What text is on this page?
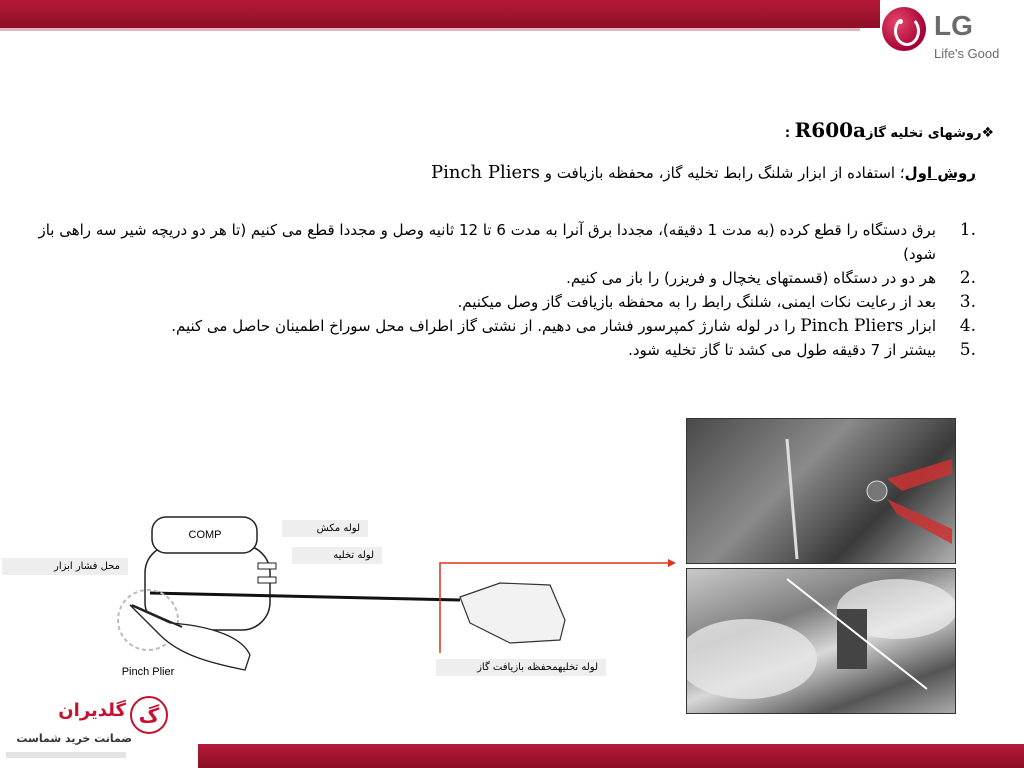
LG
Life's Good
❖روشهای تخلیه گازR600a :
روش اول؛ استفاده از ابزار شلنگ رابط تخلیه گاز، محفظه بازیافت و Pinch Pliers
.1
برق دستگاه را قطع کرده (به مدت 1 دقیقه)، مجددا برق آنرا به مدت 6 تا 12 ثانیه وصل و مجددا قطع می کنیم (تا هر دو دریچه شیر سه راهی باز شود)
.2
هر دو در دستگاه (قسمتهای یخچال و فریزر) را باز می کنیم.
.3
بعد از رعایت نکات ایمنی، شلنگ رابط را به محفظه بازیافت گاز وصل میکنیم.
.4
ابزار Pinch Pliers را در لوله شارژ کمپرسور فشار می دهیم. از نشتی گاز اطراف محل سوراخ اطمینان حاصل می کنیم.
.5
بیشتر از 7 دقیقه طول می کشد تا گاز تخلیه شود.
COMP
Pinch Plier
لوله مکش
لوله تخلیه
محل فشار ابزار
لوله تخلیهمحفظه بازیافت گاز
گ
گلدیران
ضمانت خرید شماست
